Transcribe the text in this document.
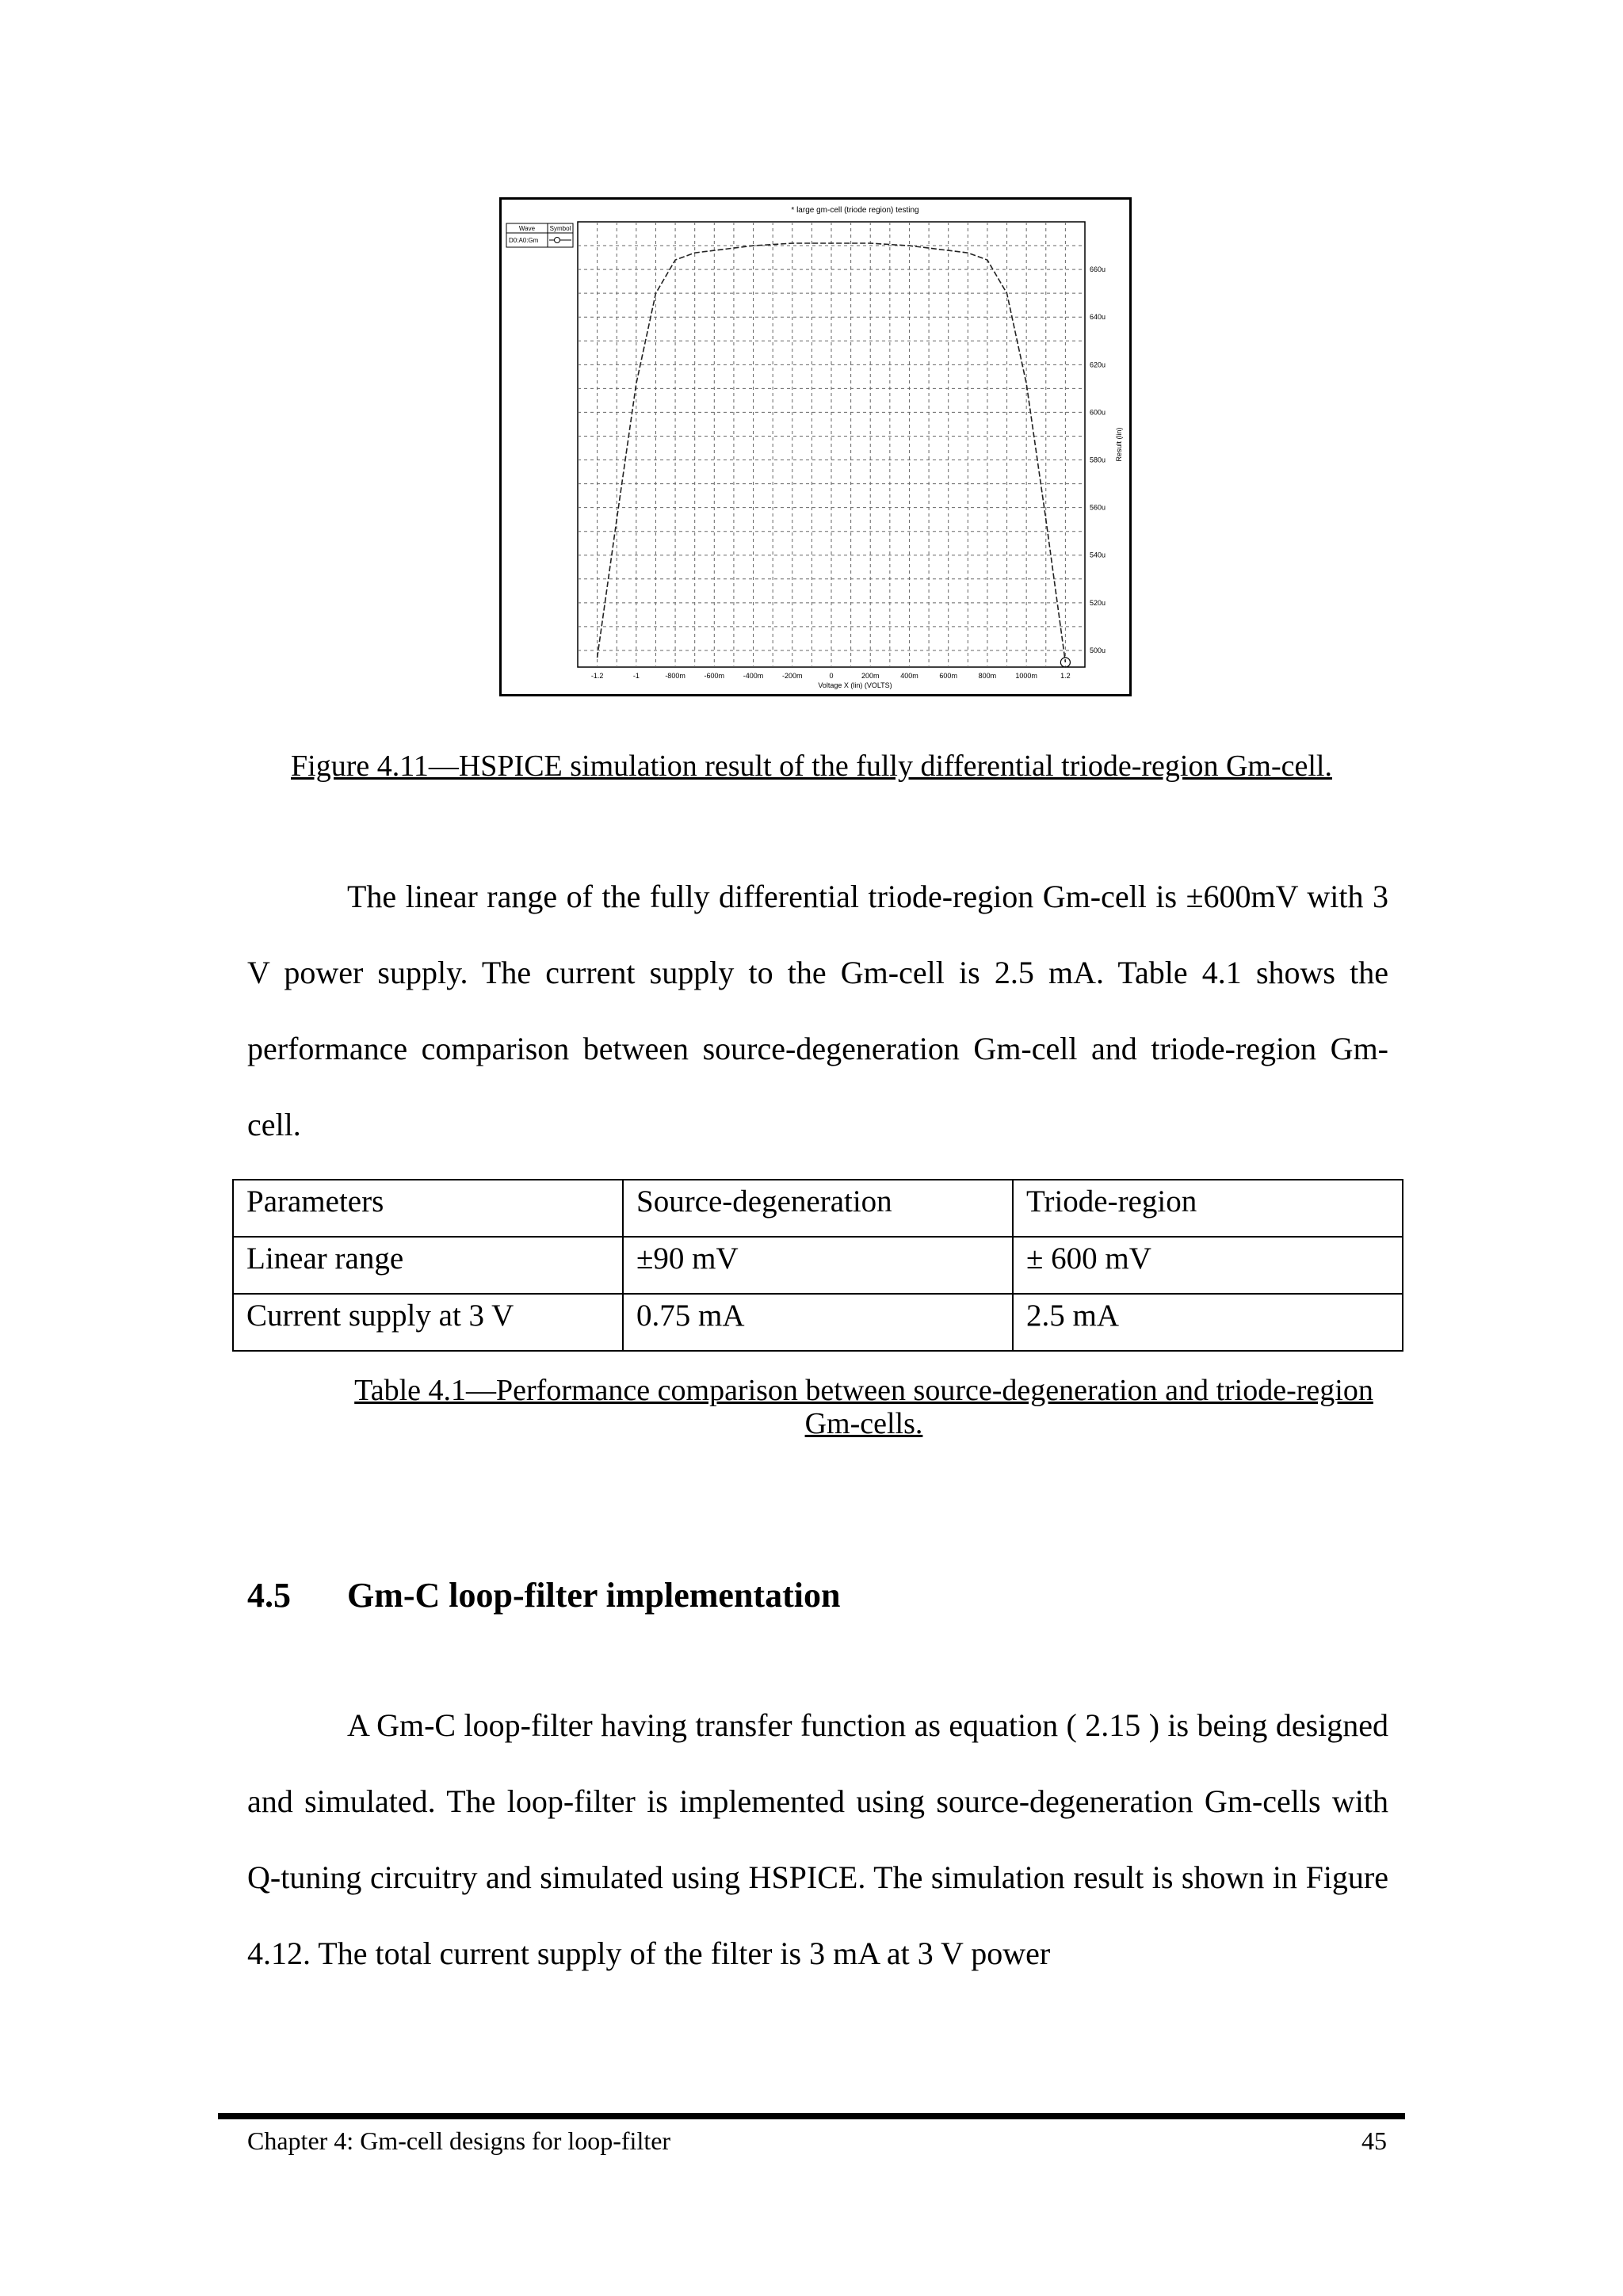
-1.2	-1	-800m	-600m	-400m	-200m	0	200m	400m	600m	800m	1000m	1.2
500u
520u
540u
560u
580u
600u
620u
640u
660u
* large gm-cell (triode region) testing
Voltage X (lin) (VOLTS)
Result (lin)
Wave Symbol
D0:A0:Gm
Figure 4.11—HSPICE simulation result of the fully differential triode-region Gm-cell.

The linear range of the fully differential triode-region Gm-cell is ±600mV with 3 V power supply. The current supply to the Gm-cell is 2.5 mA. Table 4.1 shows the performance comparison between source-degeneration Gm-cell and triode-region Gm-cell.

Parameters	Source-degeneration	Triode-region
Linear range	±90 mV	± 600 mV
Current supply at 3 V	0.75 mA	2.5 mA
Table 4.1—Performance comparison between source-degeneration and triode-region Gm-cells.
4.5 Gm-C loop-filter implementation

A Gm-C loop-filter having transfer function as equation ( 2.15 ) is being designed and simulated. The loop-filter is implemented using source-degeneration Gm-cells with Q-tuning circuitry and simulated using HSPICE. The simulation result is shown in Figure 4.12. The total current supply of the filter is 3 mA at 3 V power

Chapter 4: Gm-cell designs for loop-filter	45
